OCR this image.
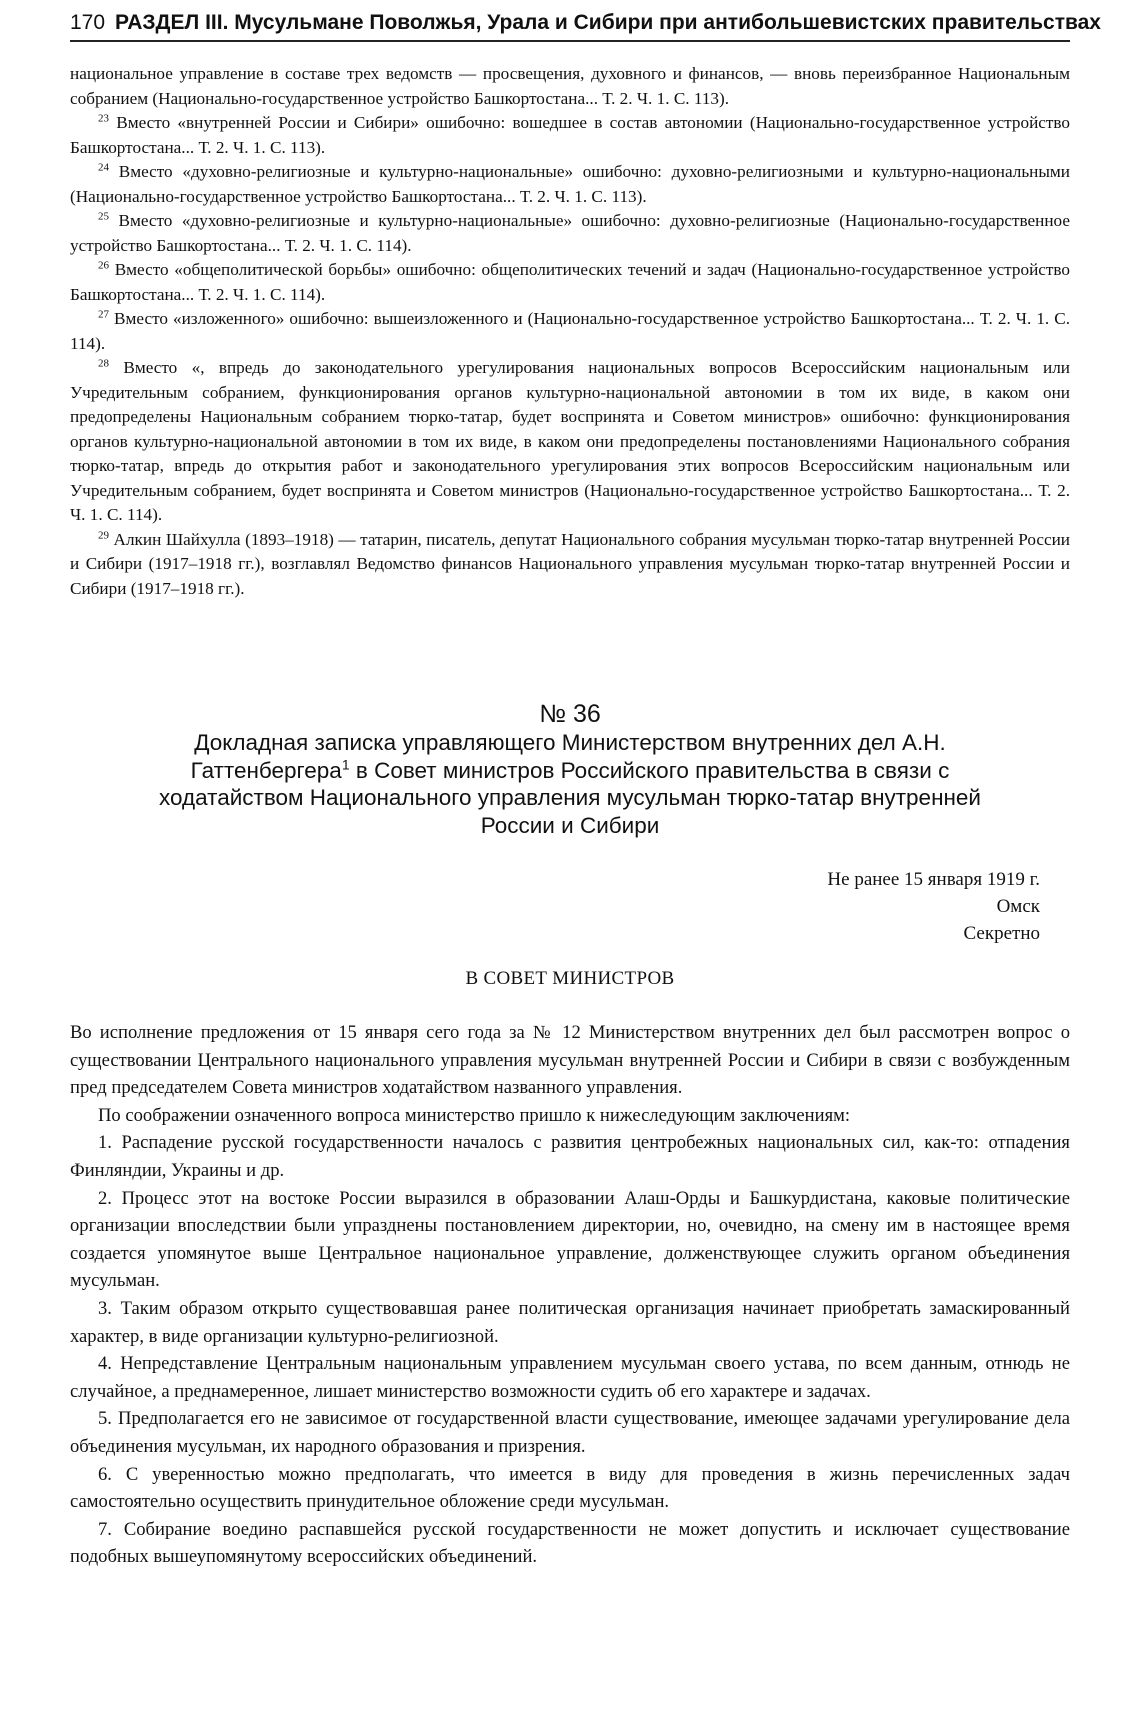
170 РАЗДЕЛ III. Мусульмане Поволжья, Урала и Сибири при антибольшевистских правительствах

национальное управление в составе трех ведомств — просвещения, духовного и финансов, — вновь переизбранное Национальным собранием (Национально-государственное устройство Башкортостана... Т. 2. Ч. 1. С. 113).

$^{23}$ Вместо «внутренней России и Сибири» ошибочно: вошедшее в состав автономии (Национально-государственное устройство Башкортостана... Т. 2. Ч. 1. С. 113).

$^{24}$ Вместо «духовно-религиозные и культурно-национальные» ошибочно: духовно-религиозными и культурно-национальными (Национально-государственное устройство Башкортостана... Т. 2. Ч. 1. С. 113).

$^{25}$ Вместо «духовно-религиозные и культурно-национальные» ошибочно: духовно-религиозные (Национально-государственное устройство Башкортостана... Т. 2. Ч. 1. С. 114).

$^{26}$ Вместо «общеполитической борьбы» ошибочно: общеполитических течений и задач (Национально-государственное устройство Башкортостана... Т. 2. Ч. 1. С. 114).

$^{27}$ Вместо «изложенного» ошибочно: вышеизложенного и (Национально-государственное устройство Башкортостана... Т. 2. Ч. 1. С. 114).

$^{28}$ Вместо «, впредь до законодательного урегулирования национальных вопросов Всероссийским национальным или Учредительным собранием, функционирования органов культурно-национальной автономии в том их виде, в каком они предопределены Национальным собранием тюрко-татар, будет воспринята и Советом министров» ошибочно: функционирования органов культурно-национальной автономии в том их виде, в каком они предопределены постановлениями Национального собрания тюрко-татар, впредь до открытия работ и законодательного урегулирования этих вопросов Всероссийским национальным или Учредительным собранием, будет воспринята и Советом министров (Национально-государственное устройство Башкортостана... Т. 2. Ч. 1. С. 114).

$^{29}$ Алкин Шайхулла (1893–1918) — татарин, писатель, депутат Национального собрания мусульман тюрко-татар внутренней России и Сибири (1917–1918 гг.), возглавлял Ведомство финансов Национального управления мусульман тюрко-татар внутренней России и Сибири (1917–1918 гг.).

№ 36
Докладная записка управляющего Министерством внутренних дел А.Н. Гаттенбергера$^1$ в Совет министров Российского правительства в связи с ходатайством Национального управления мусульман тюрко-татар внутренней России и Сибири
Не ранее 15 января 1919 г.
Омск
Секретно
В СОВЕТ МИНИСТРОВ

Во исполнение предложения от 15 января сего года за № 12 Министерством внутренних дел был рассмотрен вопрос о существовании Центрального национального управления мусульман внутренней России и Сибири в связи с возбужденным пред председателем Совета министров ходатайством названного управления.

По соображении означенного вопроса министерство пришло к нижеследующим заключениям:

1. Распадение русской государственности началось с развития центробежных национальных сил, как-то: отпадения Финляндии, Украины и др.

2. Процесс этот на востоке России выразился в образовании Алаш-Орды и Башкурдистана, каковые политические организации впоследствии были упразднены постановлением директории, но, очевидно, на смену им в настоящее время создается упомянутое выше Центральное национальное управление, долженствующее служить органом объединения мусульман.

3. Таким образом открыто существовавшая ранее политическая организация начинает приобретать замаскированный характер, в виде организации культурно-религиозной.

4. Непредставление Центральным национальным управлением мусульман своего устава, по всем данным, отнюдь не случайное, а преднамеренное, лишает министерство возможности судить об его характере и задачах.

5. Предполагается его не зависимое от государственной власти существование, имеющее задачами урегулирование дела объединения мусульман, их народного образования и призрения.

6. С уверенностью можно предполагать, что имеется в виду для проведения в жизнь перечисленных задач самостоятельно осуществить принудительное обложение среди мусульман.

7. Собирание воедино распавшейся русской государственности не может допустить и исключает существование подобных вышеупомянутому всероссийских объединений.
